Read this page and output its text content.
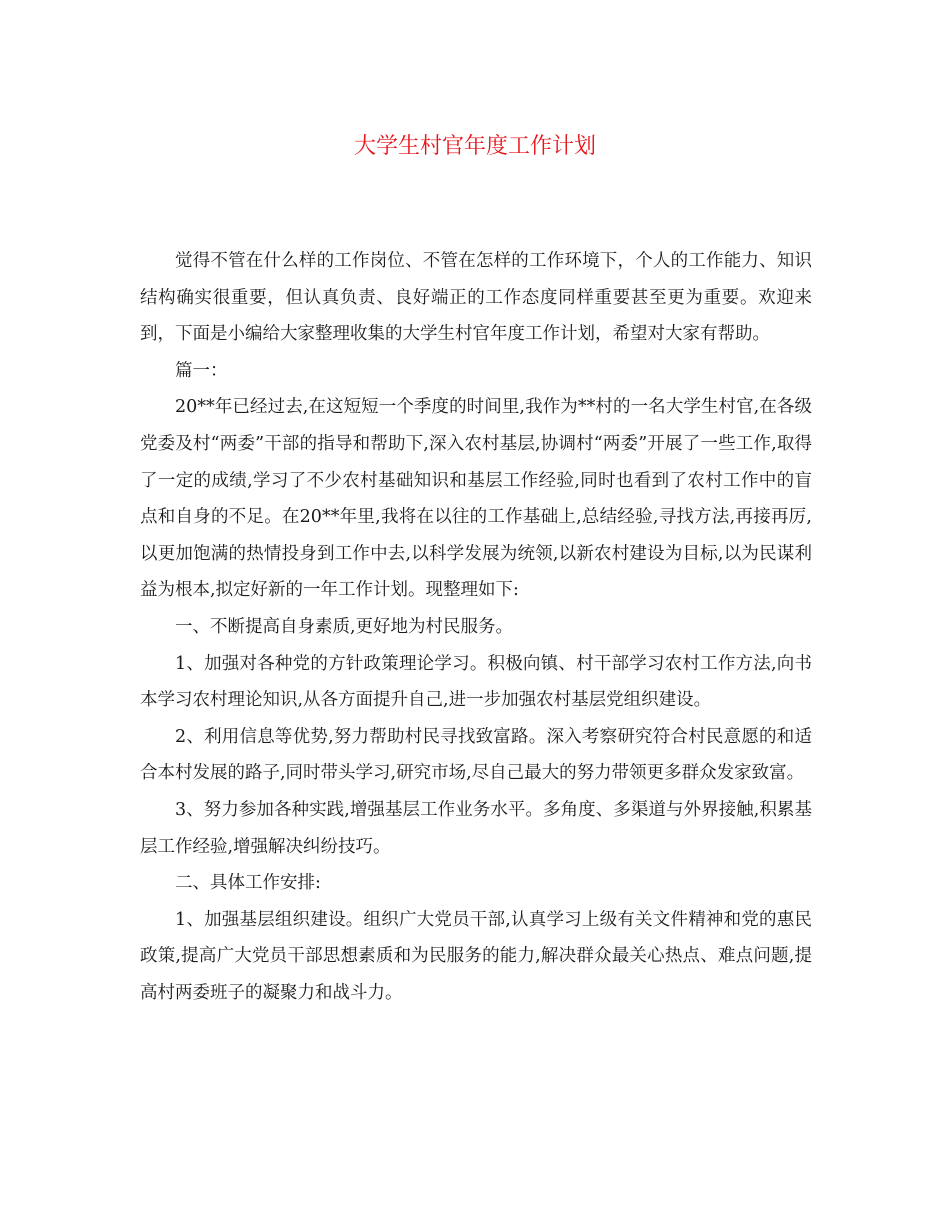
大学生村官年度工作计划

觉得不管在什么样的工作岗位、不管在怎样的工作环境下，个人的工作能力、知识结构确实很重要，但认真负责、良好端正的工作态度同样重要甚至更为重要。欢迎来到，下面是小编给大家整理收集的大学生村官年度工作计划，希望对大家有帮助。

篇一：

20**年已经过去,在这短短一个季度的时间里,我作为**村的一名大学生村官,在各级党委及村“两委”干部的指导和帮助下,深入农村基层,协调村“两委”开展了一些工作,取得了一定的成绩,学习了不少农村基础知识和基层工作经验,同时也看到了农村工作中的盲点和自身的不足。在20**年里,我将在以往的工作基础上,总结经验,寻找方法,再接再厉,以更加饱满的热情投身到工作中去,以科学发展为统领,以新农村建设为目标,以为民谋利益为根本,拟定好新的一年工作计划。现整理如下:

一、不断提高自身素质,更好地为村民服务。

1、加强对各种党的方针政策理论学习。积极向镇、村干部学习农村工作方法,向书本学习农村理论知识,从各方面提升自己,进一步加强农村基层党组织建设。

2、利用信息等优势,努力帮助村民寻找致富路。深入考察研究符合村民意愿的和适合本村发展的路子,同时带头学习,研究市场,尽自己最大的努力带领更多群众发家致富。

3、努力参加各种实践,增强基层工作业务水平。多角度、多渠道与外界接触,积累基层工作经验,增强解决纠纷技巧。

二、具体工作安排:

1、加强基层组织建设。组织广大党员干部,认真学习上级有关文件精神和党的惠民政策,提高广大党员干部思想素质和为民服务的能力,解决群众最关心热点、难点问题,提高村两委班子的凝聚力和战斗力。
